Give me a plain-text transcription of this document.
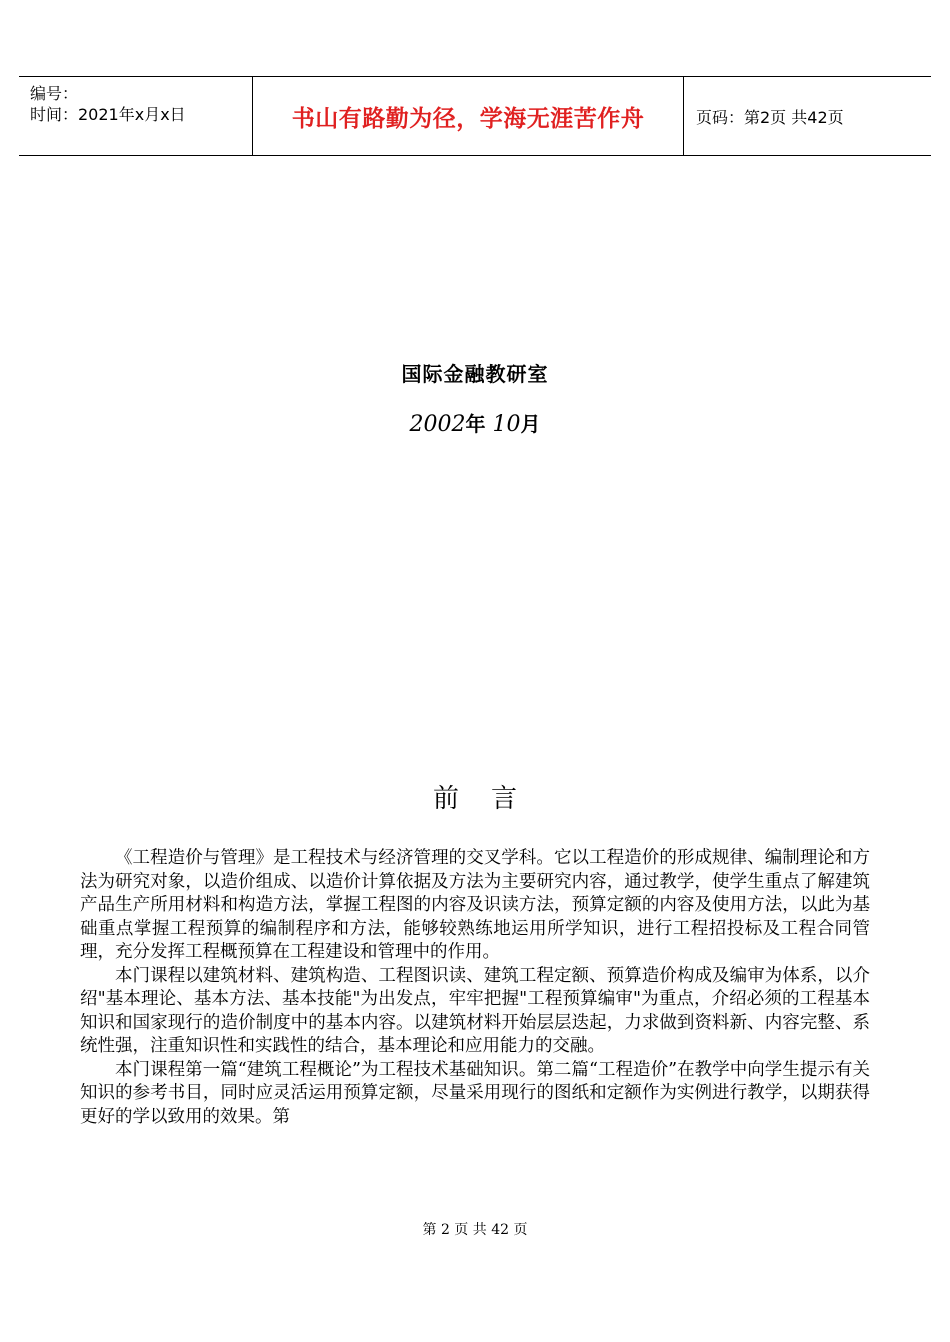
编号：
时间：2021年x月x日	书山有路勤为径，学海无涯苦作舟	页码：第2页 共42页
国际金融教研室
2002年 10月
前言

《工程造价与管理》是工程技术与经济管理的交叉学科。它以工程造价的形成规律、编制理论和方法为研究对象，以造价组成、以造价计算依据及方法为主要研究内容，通过教学，使学生重点了解建筑产品生产所用材料和构造方法，掌握工程图的内容及识读方法，预算定额的内容及使用方法，以此为基础重点掌握工程预算的编制程序和方法，能够较熟练地运用所学知识，进行工程招投标及工程合同管理，充分发挥工程概预算在工程建设和管理中的作用。

本门课程以建筑材料、建筑构造、工程图识读、建筑工程定额、预算造价构成及编审为体系，以介绍"基本理论、基本方法、基本技能"为出发点，牢牢把握"工程预算编审"为重点，介绍必须的工程基本知识和国家现行的造价制度中的基本内容。以建筑材料开始层层迭起，力求做到资料新、内容完整、系统性强，注重知识性和实践性的结合，基本理论和应用能力的交融。

本门课程第一篇“建筑工程概论”为工程技术基础知识。第二篇“工程造价”在教学中向学生提示有关知识的参考书目，同时应灵活运用预算定额，尽量采用现行的图纸和定额作为实例进行教学，以期获得更好的学以致用的效果。第

第 2 页 共 42 页
